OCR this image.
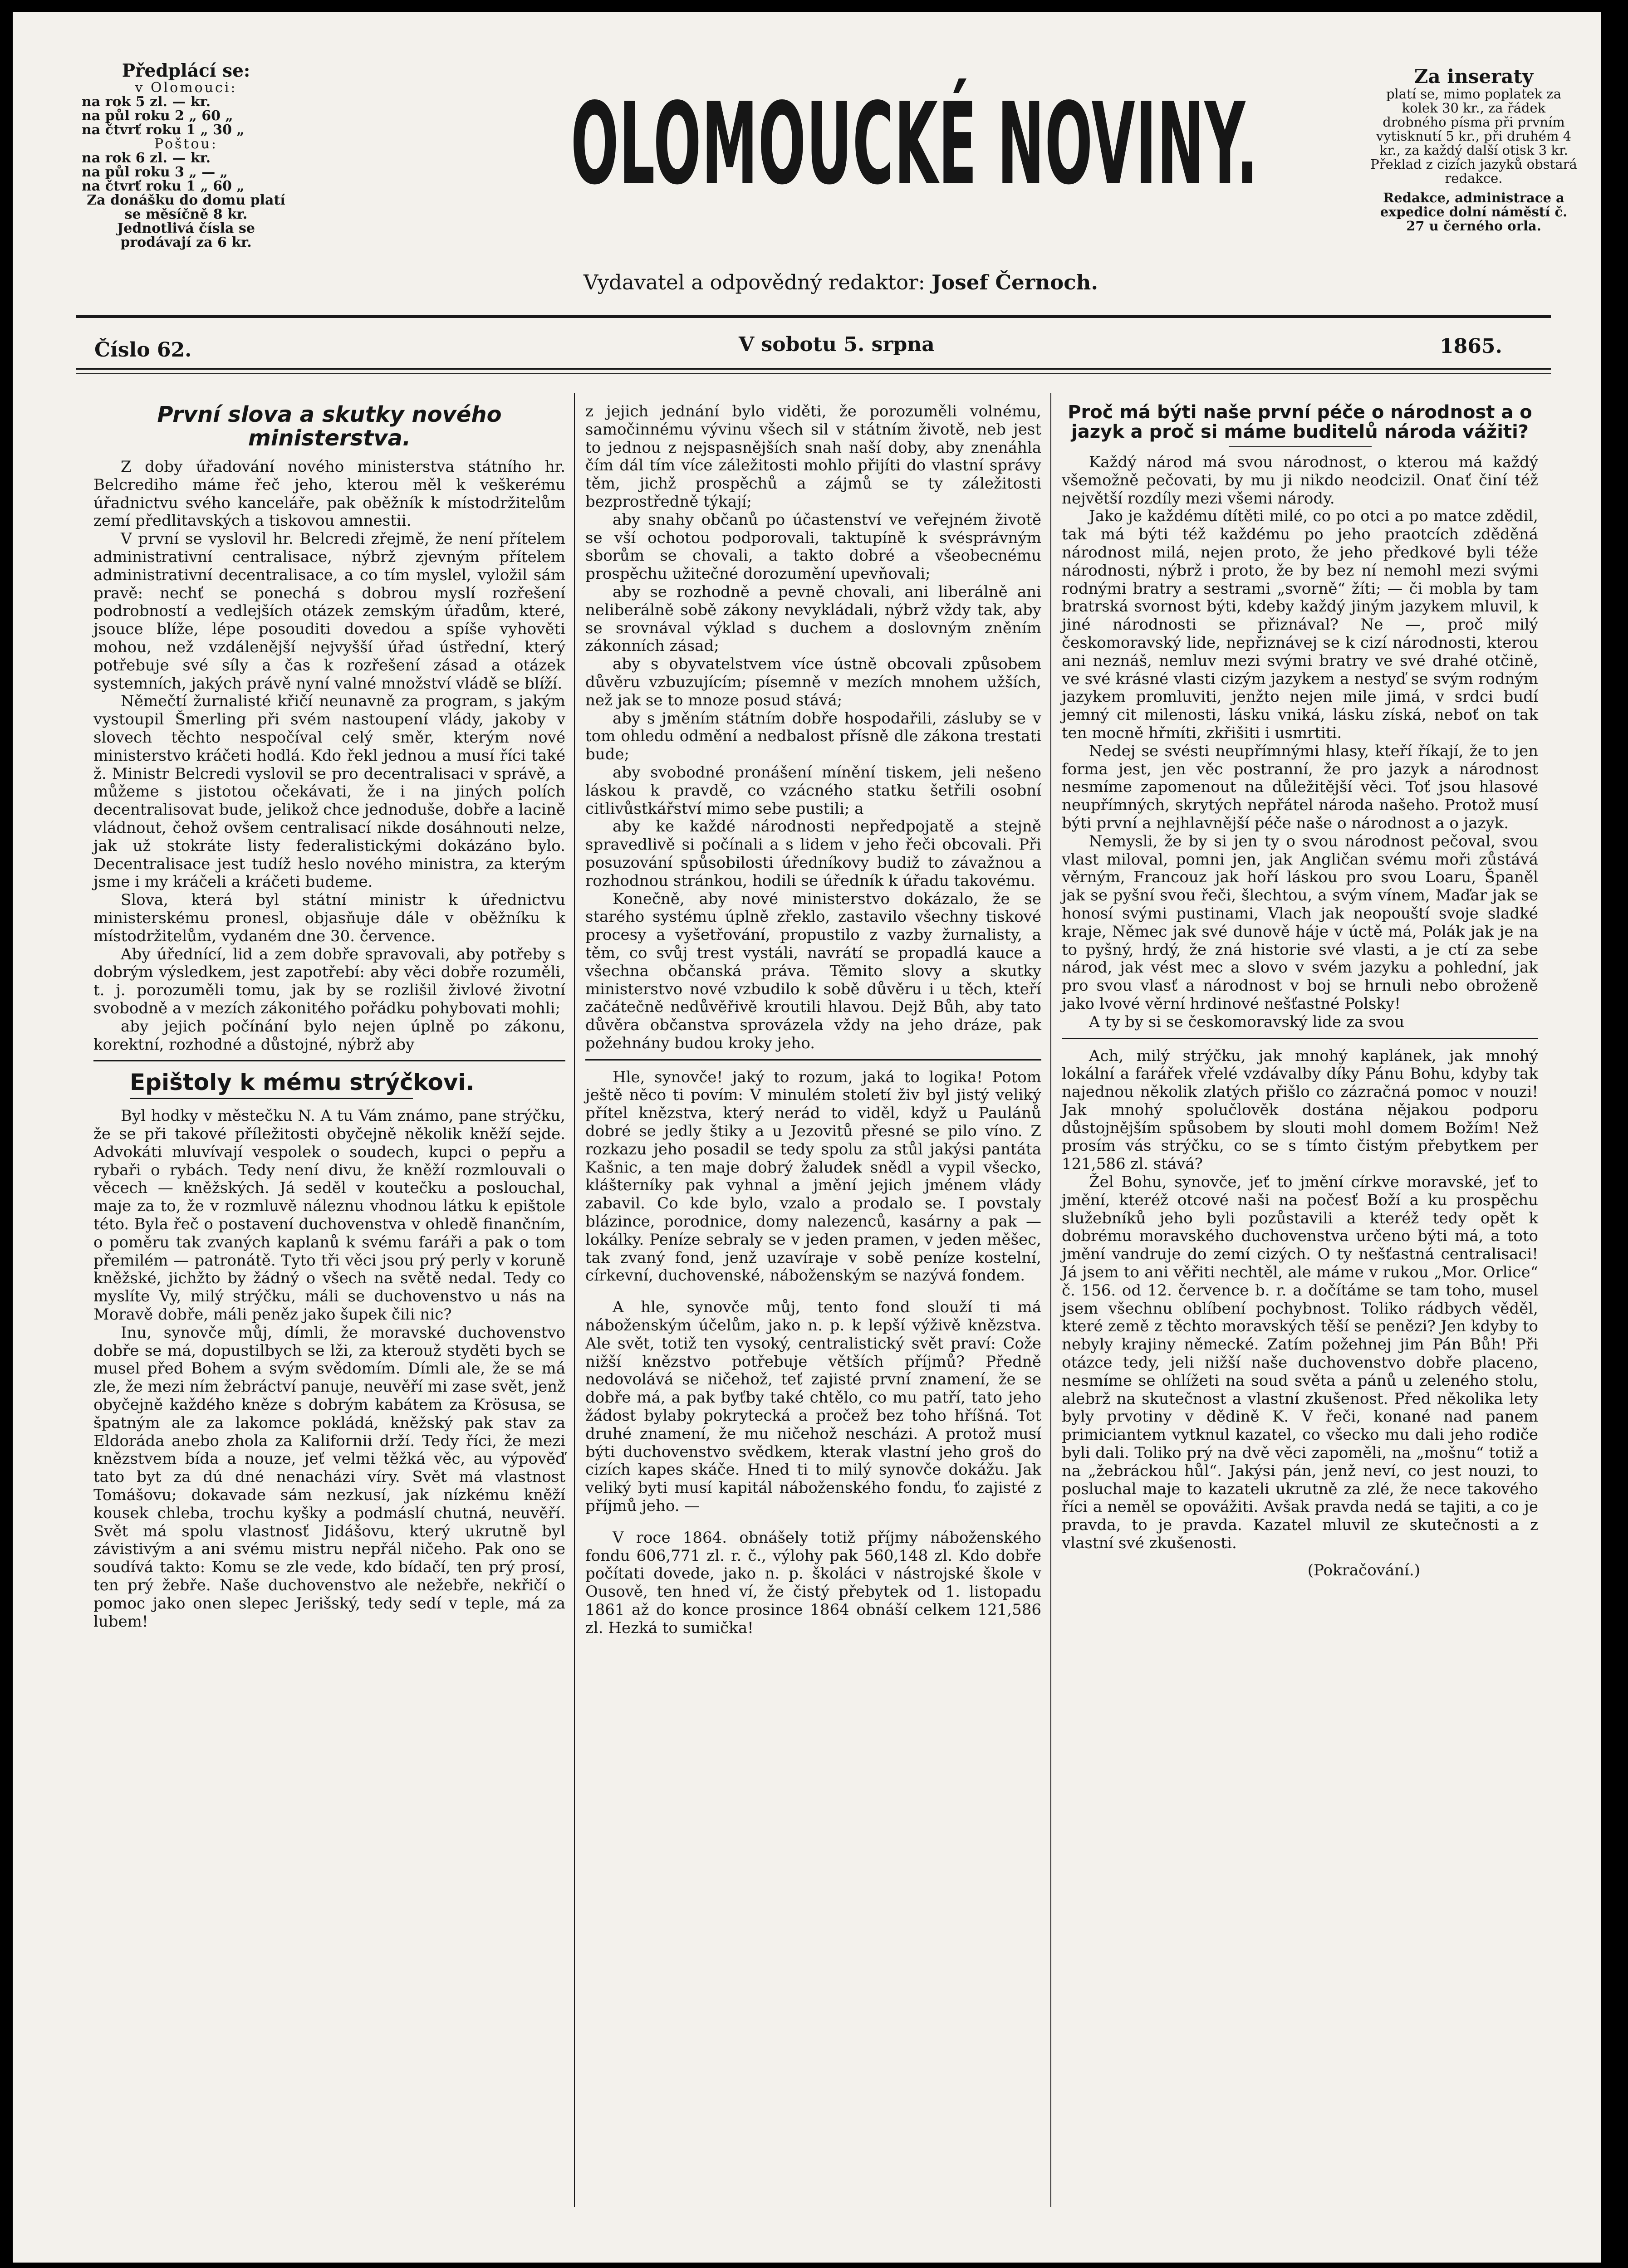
Předplácí se:
v Olomouci:
na rok 5 zl. — kr.
na půl roku 2 „ 60 „
na čtvrť roku 1 „ 30 „
Poštou:
na rok 6 zl. — kr.
na půl roku 3 „ — „
na čtvrť roku 1 „ 60 „
Za donášku do domu platí se měsíčně 8 kr.
Jednotlivá čísla se prodávají za 6 kr.
OLOMOUCKÉ NOVINY.
Vydavatel a odpovědný redaktor: Josef Černoch.
Za inseraty
platí se, mimo poplatek za kolek 30 kr., za řádek drobného písma při prvním vytisknutí 5 kr., při druhém 4 kr., za každý další otisk 3 kr. Překlad z cizích jazyků obstará redakce.
Redakce, administrace a expedice dolní náměstí č. 27 u černého orla.
Číslo 62.	V sobotu 5. srpna	1865.
První slova a skutky nového ministerstva.

Z doby úřadování nového ministerstva státního hr. Belcrediho máme řeč jeho, kterou měl k veškerému úřadnictvu svého kanceláře, pak oběžník k místodržitelům zemí předlitavských a tiskovou amnestii.

V první se vyslovil hr. Belcredi zřejmě, že není přítelem administrativní centralisace, nýbrž zjevným přítelem administrativní decentralisace, a co tím myslel, vyložil sám pravě: nechť se ponechá s dobrou myslí rozřešení podrobností a vedlejších otázek zemským úřadům, které, jsouce blíže, lépe posouditi dovedou a spíše vyhověti mohou, než vzdálenější nejvyšší úřad ústřední, který potřebuje své síly a čas k rozřešení zásad a otázek systemních, jakých právě nyní valné množství vládě se blíží.

Němečtí žurnalisté křičí neunavně za program, s jakým vystoupil Šmerling při svém nastoupení vlády, jakoby v slovech těchto nespočíval celý směr, kterým nové ministerstvo kráčeti hodlá. Kdo řekl jednou a musí říci také ž. Ministr Belcredi vyslovil se pro decentralisaci v správě, a můžeme s jistotou očekávati, že i na jiných polích decentralisovat bude, jelikož chce jednoduše, dobře a lacině vládnout, čehož ovšem centralisací nikde dosáhnouti nelze, jak už stokráte listy federalistickými dokázáno bylo. Decentralisace jest tudíž heslo nového ministra, za kterým jsme i my kráčeli a kráčeti budeme.

Slova, která byl státní ministr k úřednictvu ministerskému pronesl, objasňuje dále v oběžníku k místodržitelům, vydaném dne 30. července.

Aby úřednící, lid a zem dobře spravovali, aby potřeby s dobrým výsledkem, jest zapotřebí: aby věci dobře rozuměli, t. j. porozuměli tomu, jak by se rozlišil živlové životní svobodně a v mezích zákonitého pořádku pohybovati mohli;

aby jejich počínání bylo nejen úplně po zákonu, korektní, rozhodné a důstojné, nýbrž aby

Epištoly k mému strýčkovi.

Byl hodky v městečku N. A tu Vám známo, pane strýčku, že se při takové příležitosti obyčejně několik kněží sejde. Advokáti mluvívají vespolek o soudech, kupci o pepřu a rybaři o rybách. Tedy není divu, že kněží rozmlouvali o věcech — kněžských. Já seděl v koutečku a poslouchal, maje za to, že v rozmluvě náleznu vhodnou látku k epištole této. Byla řeč o postavení duchovenstva v ohledě finančním, o poměru tak zvaných kaplanů k svému faráři a pak o tom přemilém — patronátě. Tyto tři věci jsou prý perly v koruně kněžské, jichžto by žádný o všech na světě nedal. Tedy co myslíte Vy, milý strýčku, máli se duchovenstvo u nás na Moravě dobře, máli peněz jako šupek čili nic?

Inu, synovče můj, dímli, že moravské duchovenstvo dobře se má, dopustilbych se lži, za kterouž styděti bych se musel před Bohem a svým svědomím. Dímli ale, že se má zle, že mezi ním žebráctví panuje, neuvěří mi zase svět, jenž obyčejně každého kněze s dobrým kabátem za Krösusa, se špatným ale za lakomce pokládá, kněžský pak stav za Eldoráda anebo zhola za Kalifornii drží. Tedy říci, že mezi knězstvem bída a nouze, jeť velmi těžká věc, au výpověď tato byt za dú dné nenacházi víry. Svět má vlastnost Tomášovu; dokavade sám nezkusí, jak nízkému kněží kousek chleba, trochu kyšky a podmáslí chutná, neuvěří. Svět má spolu vlastnosť Jidášovu, který ukrutně byl závistivým a ani svému mistru nepřál ničeho. Pak ono se soudívá takto: Komu se zle vede, kdo bídačí, ten prý prosí, ten prý žebře. Naše duchovenstvo ale nežebře, nekřičí o pomoc jako onen slepec Jerišský, tedy sedí v teple, má za lubem!

z jejich jednání bylo viděti, že porozuměli volnému, samočinnému vývinu všech sil v státním životě, neb jest to jednou z nejspasnějších snah naší doby, aby znenáhla čím dál tím více záležitosti mohlo přijíti do vlastní správy těm, jichž prospěchů a zájmů se ty záležitosti bezprostředně týkají;

aby snahy občanů po účastenství ve veřejném životě se vší ochotou podporovali, taktupíně k svésprávným sborům se chovali, a takto dobré a všeobecnému prospěchu užitečné dorozumění upevňovali;

aby se rozhodně a pevně chovali, ani liberálně ani neliberálně sobě zákony nevykládali, nýbrž vždy tak, aby se srovnával výklad s duchem a doslovným zněním zákonních zásad;

aby s obyvatelstvem více ústně obcovali způsobem důvěru vzbuzujícím; písemně v mezích mnohem užších, než jak se to mnoze posud stává;

aby s jměním státním dobře hospodařili, zásluby se v tom ohledu odmění a nedbalost přísně dle zákona trestati bude;

aby svobodné pronášení mínění tiskem, jeli nešeno láskou k pravdě, co vzácného statku šetřili osobní citlivůstkářství mimo sebe pustili; a

aby ke každé národnosti nepředpojatě a stejně spravedlivě si počínali a s lidem v jeho řeči obcovali. Při posuzování spůsobilosti úředníkovy budiž to závažnou a rozhodnou stránkou, hodili se úředník k úřadu takovému.

Konečně, aby nové ministerstvo dokázalo, že se starého systému úplně zřeklo, zastavilo všechny tiskové procesy a vyšetřování, propustilo z vazby žurnalisty, a těm, co svůj trest vystáli, navrátí se propadlá kauce a všechna občanská práva. Těmito slovy a skutky ministerstvo nové vzbudilo k sobě důvěru i u těch, kteří začátečně nedůvěřivě kroutili hlavou. Dejž Bůh, aby tato důvěra občanstva sprovázela vždy na jeho dráze, pak požehnány budou kroky jeho.

Hle, synovče! jaký to rozum, jaká to logika! Potom ještě něco ti povím: V minulém století živ byl jistý veliký přítel knězstva, který nerád to viděl, když u Paulánů dobré se jedly štiky a u Jezovitů přesné se pilo víno. Z rozkazu jeho posadil se tedy spolu za stůl jakýsi pantáta Kašnic, a ten maje dobrý žaludek snědl a vypil všecko, klášterníky pak vyhnal a jmění jejich jménem vlády zabavil. Co kde bylo, vzalo a prodalo se. I povstaly blázince, porodnice, domy nalezenců, kasárny a pak — lokálky. Peníze sebraly se v jeden pramen, v jeden měšec, tak zvaný fond, jenž uzavíraje v sobě peníze kostelní, církevní, duchovenské, náboženským se nazývá fondem.

A hle, synovče můj, tento fond slouží ti má náboženským účelům, jako n. p. k lepší výživě knězstva. Ale svět, totiž ten vysoký, centralistický svět praví: Cože nižší knězstvo potřebuje větších příjmů? Předně nedovolává se ničehož, teť zajisté první znamení, že se dobře má, a pak byťby také chtělo, co mu patří, tato jeho žádost bylaby pokrytecká a pročež bez toho hříšná. Tot druhé znamení, že mu ničehož nescházi. A protož musí býti duchovenstvo svědkem, kterak vlastní jeho groš do cizích kapes skáče. Hned ti to milý synovče dokážu. Jak veliký byti musí kapitál náboženského fondu, ťo zajisté z příjmů jeho. —

V roce 1864. obnášely totiž příjmy náboženského fondu 606,771 zl. r. č., výlohy pak 560,148 zl. Kdo dobře počítati dovede, jako n. p. školáci v nástrojské škole v Ousově, ten hned ví, že čistý přebytek od 1. listopadu 1861 až do konce prosince 1864 obnáší celkem 121,586 zl. Hezká to sumička!

Proč má býti naše první péče o národnost a o jazyk a proč si máme buditelů národa vážiti?

Každý národ má svou národnost, o kterou má každý všemožně pečovati, by mu ji nikdo neodcizil. Onať činí též největší rozdíly mezi všemi národy.

Jako je každému dítěti milé, co po otci a po matce zdědil, tak má býti též každému po jeho praotcích zděděná národnost milá, nejen proto, že jeho předkové byli téže národnosti, nýbrž i proto, že by bez ní nemohl mezi svými rodnými bratry a sestrami „svorně“ žíti; — či mobla by tam bratrská svornost býti, kdeby každý jiným jazykem mluvil, k jiné národnosti se přiznával? Ne —, proč milý českomoravský lide, nepřiznávej se k cizí národnosti, kterou ani neznáš, nemluv mezi svými bratry ve své drahé otčině, ve své krásné vlasti cizým jazykem a nestyď se svým rodným jazykem promluviti, jenžto nejen mile jimá, v srdci budí jemný cit milenosti, lásku vniká, lásku získá, neboť on tak ten mocně hřmíti, zkřišiti i usmrtiti.

Nedej se svésti neupřímnými hlasy, kteří říkají, že to jen forma jest, jen věc postranní, že pro jazyk a národnost nesmíme zapomenout na důležitější věci. Toť jsou hlasové neupřímných, skrytých nepřátel národa našeho. Protož musí býti první a nejhlavnější péče naše o národnost a o jazyk.

Nemysli, že by si jen ty o svou národnost pečoval, svou vlast miloval, pomni jen, jak Angličan svému moři zůstává věrným, Francouz jak hoří láskou pro svou Loaru, Španěl jak se pyšní svou řeči, šlechtou, a svým vínem, Maďar jak se honosí svými pustinami, Vlach jak neopouští svoje sladké kraje, Němec jak své dunově háje v úctě má, Polák jak je na to pyšný, hrdý, že zná historie své vlasti, a je ctí za sebe národ, jak vést mec a slovo v svém jazyku a pohlední, jak pro svou vlasť a národnost v boj se hrnuli nebo obroženě jako lvové věrní hrdinové nešťastné Polsky!

A ty by si se českomoravský lide za svou

Ach, milý strýčku, jak mnohý kaplánek, jak mnohý lokální a farářek vřelé vzdávalby díky Pánu Bohu, kdyby tak najednou několik zlatých přišlo co zázračná pomoc v nouzi! Jak mnohý spolučlověk dostána nějakou podporu důstojnějším spůsobem by slouti mohl domem Božím! Než prosím vás strýčku, co se s tímto čistým přebytkem per 121,586 zl. stává?

Žel Bohu, synovče, jeť to jmění církve moravské, jeť to jmění, kteréž otcové naši na počesť Boží a ku prospěchu služebníků jeho byli pozůstavili a kteréž tedy opět k dobrému moravského duchovenstva určeno býti má, a toto jmění vandruje do zemí cizých. O ty nešťastná centralisaci! Já jsem to ani věřiti nechtěl, ale máme v rukou „Mor. Orlice“ č. 156. od 12. července b. r. a dočítáme se tam toho, musel jsem všechnu oblíbení pochybnost. Toliko rádbych věděl, které země z těchto moravských těší se penězi? Jen kdyby to nebyly krajiny německé. Zatím požehnej jim Pán Bůh! Při otázce tedy, jeli nižší naše duchovenstvo dobře placeno, nesmíme se ohlížeti na soud světa a pánů u zeleného stolu, alebrž na skutečnost a vlastní zkušenost. Před několika lety byly prvotiny v dědině K. V řeči, konané nad panem primiciantem vytknul kazatel, co všecko mu dali jeho rodiče byli dali. Toliko prý na dvě věci zapoměli, na „mošnu“ totiž a na „žebráckou hůl“. Jakýsi pán, jenž neví, co jest nouzi, to posluchal maje to kazateli ukrutně za zlé, že nece takového říci a neměl se opovážiti. Avšak pravda nedá se tajiti, a co je pravda, to je pravda. Kazatel mluvil ze skutečnosti a z vlastní své zkušenosti.

(Pokračování.)
